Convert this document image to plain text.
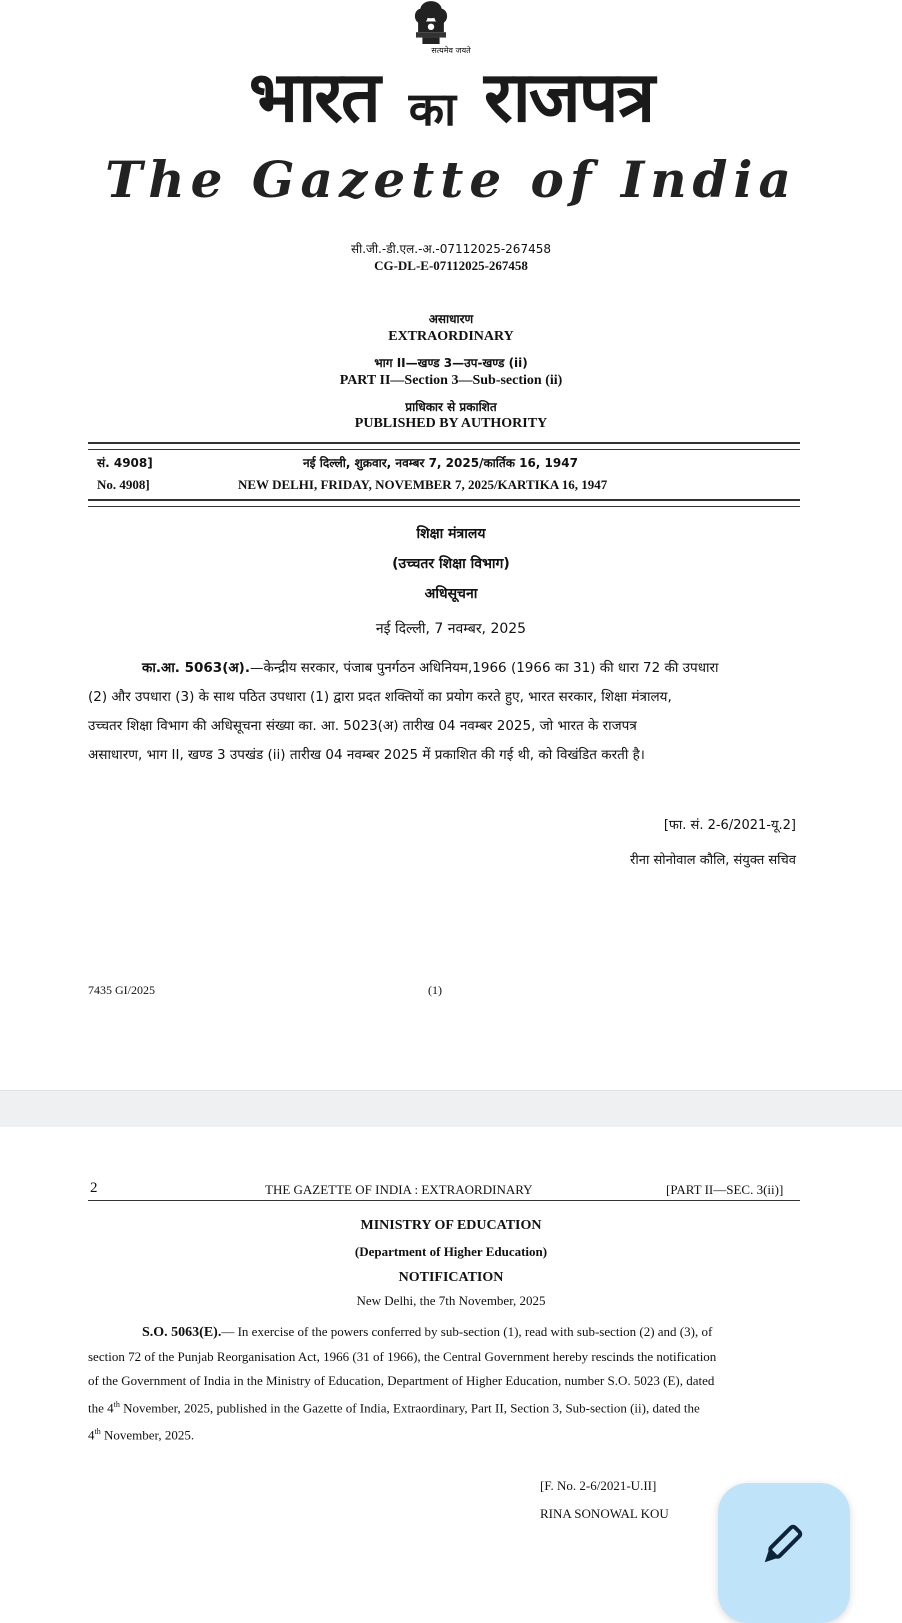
सत्यमेव जयते
भारत का राजपत्र
The Gazette of India
सी.जी.-डी.एल.-अ.-07112025-267458
CG-DL-E-07112025-267458
असाधारण
EXTRAORDINARY
भाग II—खण्ड 3—उप-खण्ड (ii)
PART II—Section 3—Sub-section (ii)
प्राधिकार से प्रकाशित
PUBLISHED BY AUTHORITY
सं. 4908]	नई दिल्ली, शुक्रवार, नवम्बर 7, 2025/कार्तिक 16, 1947
No. 4908]	NEW DELHI, FRIDAY, NOVEMBER 7, 2025/KARTIKA 16, 1947
शिक्षा मंत्रालय
(उच्चतर शिक्षा विभाग)
अधिसूचना
नई दिल्ली, 7 नवम्बर, 2025
का.आ. 5063(अ).—केन्द्रीय सरकार, पंजाब पुनर्गठन अधिनियम,1966 (1966 का 31) की धारा 72 की उपधारा
(2) और उपधारा (3) के साथ पठित उपधारा (1) द्वारा प्रदत शक्तियों का प्रयोग करते हुए, भारत सरकार, शिक्षा मंत्रालय,
उच्चतर शिक्षा विभाग की अधिसूचना संख्या का. आ. 5023(अ) तारीख 04 नवम्बर 2025, जो भारत के राजपत्र
असाधारण, भाग II, खण्ड 3 उपखंड (ii) तारीख 04 नवम्बर 2025 में प्रकाशित की गई थी, को विखंडित करती है।
[फा. सं. 2-6/2021-यू.2]
रीना सोनोवाल कौलि, संयुक्त सचिव
7435 GI/2025	(1)
2	THE GAZETTE OF INDIA : EXTRAORDINARY	[PART II—SEC. 3(ii)]
MINISTRY OF EDUCATION
(Department of Higher Education)
NOTIFICATION
New Delhi, the 7th November, 2025
S.O. 5063(E).— In exercise of the powers conferred by sub-section (1), read with sub-section (2) and (3), of
section 72 of the Punjab Reorganisation Act, 1966 (31 of 1966), the Central Government hereby rescinds the notification
of the Government of India in the Ministry of Education, Department of Higher Education, number S.O. 5023 (E), dated
the 4th November, 2025, published in the Gazette of India, Extraordinary, Part II, Section 3, Sub-section (ii), dated the
4th November, 2025.
[F. No. 2-6/2021-U.II]
RINA SONOWAL KOU
